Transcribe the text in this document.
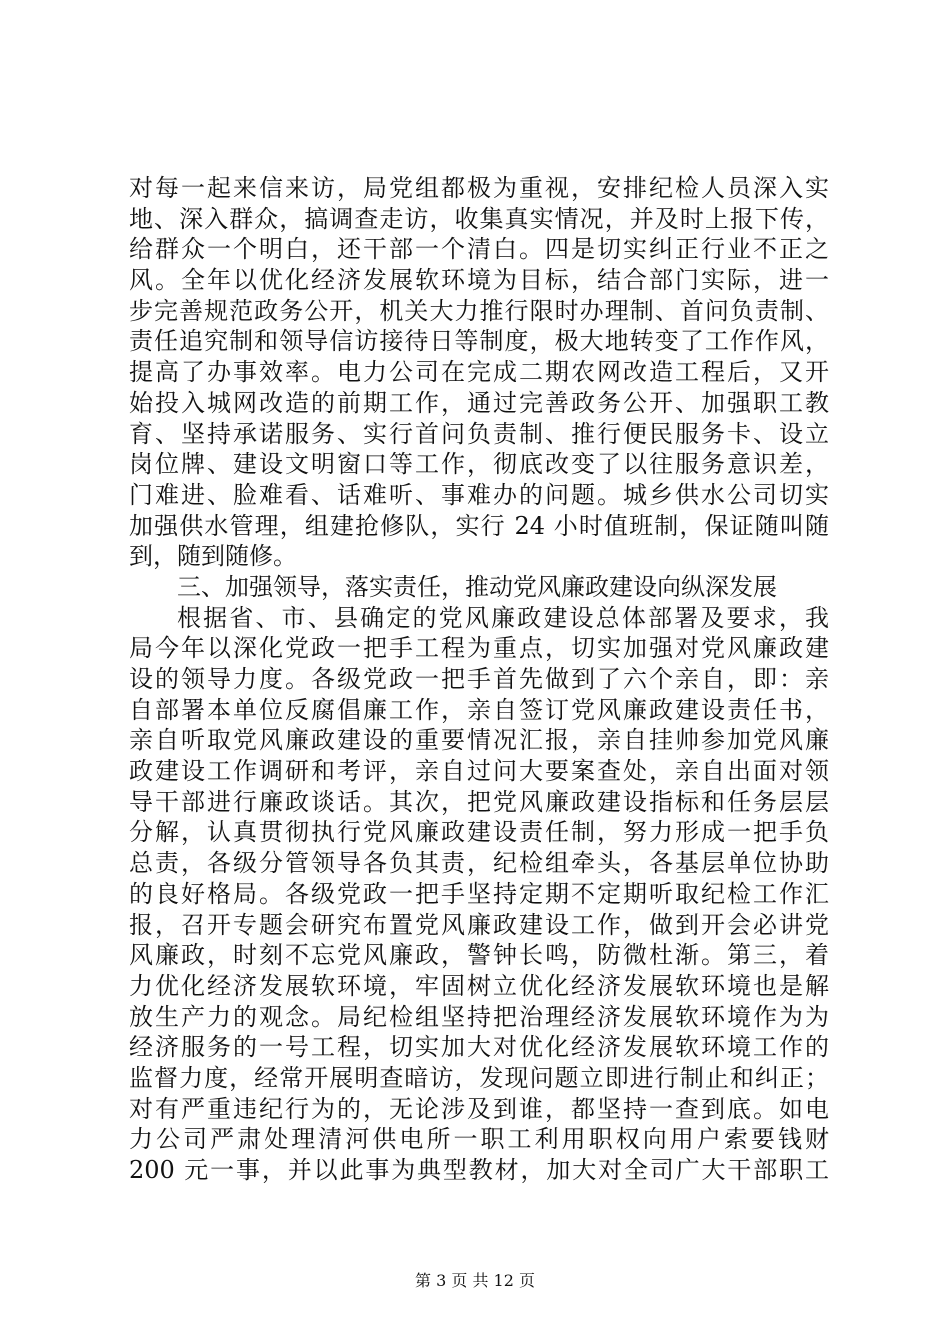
对每一起来信来访，局党组都极为重视，安排纪检人员深入实
地、深入群众，搞调查走访，收集真实情况，并及时上报下传，
给群众一个明白，还干部一个清白。四是切实纠正行业不正之
风。全年以优化经济发展软环境为目标，结合部门实际，进一
步完善规范政务公开，机关大力推行限时办理制、首问负责制、
责任追究制和领导信访接待日等制度，极大地转变了工作作风，
提高了办事效率。电力公司在完成二期农网改造工程后，又开
始投入城网改造的前期工作，通过完善政务公开、加强职工教
育、坚持承诺服务、实行首问负责制、推行便民服务卡、设立
岗位牌、建设文明窗口等工作，彻底改变了以往服务意识差，
门难进、脸难看、话难听、事难办的问题。城乡供水公司切实
加强供水管理，组建抢修队，实行 24 小时值班制，保证随叫随
到，随到随修。
三、加强领导，落实责任，推动党风廉政建设向纵深发展
根据省、市、县确定的党风廉政建设总体部署及要求，我
局今年以深化党政一把手工程为重点，切实加强对党风廉政建
设的领导力度。各级党政一把手首先做到了六个亲自，即：亲
自部署本单位反腐倡廉工作，亲自签订党风廉政建设责任书，
亲自听取党风廉政建设的重要情况汇报，亲自挂帅参加党风廉
政建设工作调研和考评，亲自过问大要案查处，亲自出面对领
导干部进行廉政谈话。其次，把党风廉政建设指标和任务层层
分解，认真贯彻执行党风廉政建设责任制，努力形成一把手负
总责，各级分管领导各负其责，纪检组牵头，各基层单位协助
的良好格局。各级党政一把手坚持定期不定期听取纪检工作汇
报，召开专题会研究布置党风廉政建设工作，做到开会必讲党
风廉政，时刻不忘党风廉政，警钟长鸣，防微杜渐。第三，着
力优化经济发展软环境，牢固树立优化经济发展软环境也是解
放生产力的观念。局纪检组坚持把治理经济发展软环境作为为
经济服务的一号工程，切实加大对优化经济发展软环境工作的
监督力度，经常开展明查暗访，发现问题立即进行制止和纠正；
对有严重违纪行为的，无论涉及到谁，都坚持一查到底。如电
力公司严肃处理清河供电所一职工利用职权向用户索要钱财
200 元一事，并以此事为典型教材，加大对全司广大干部职工
第 3 页 共 12 页
